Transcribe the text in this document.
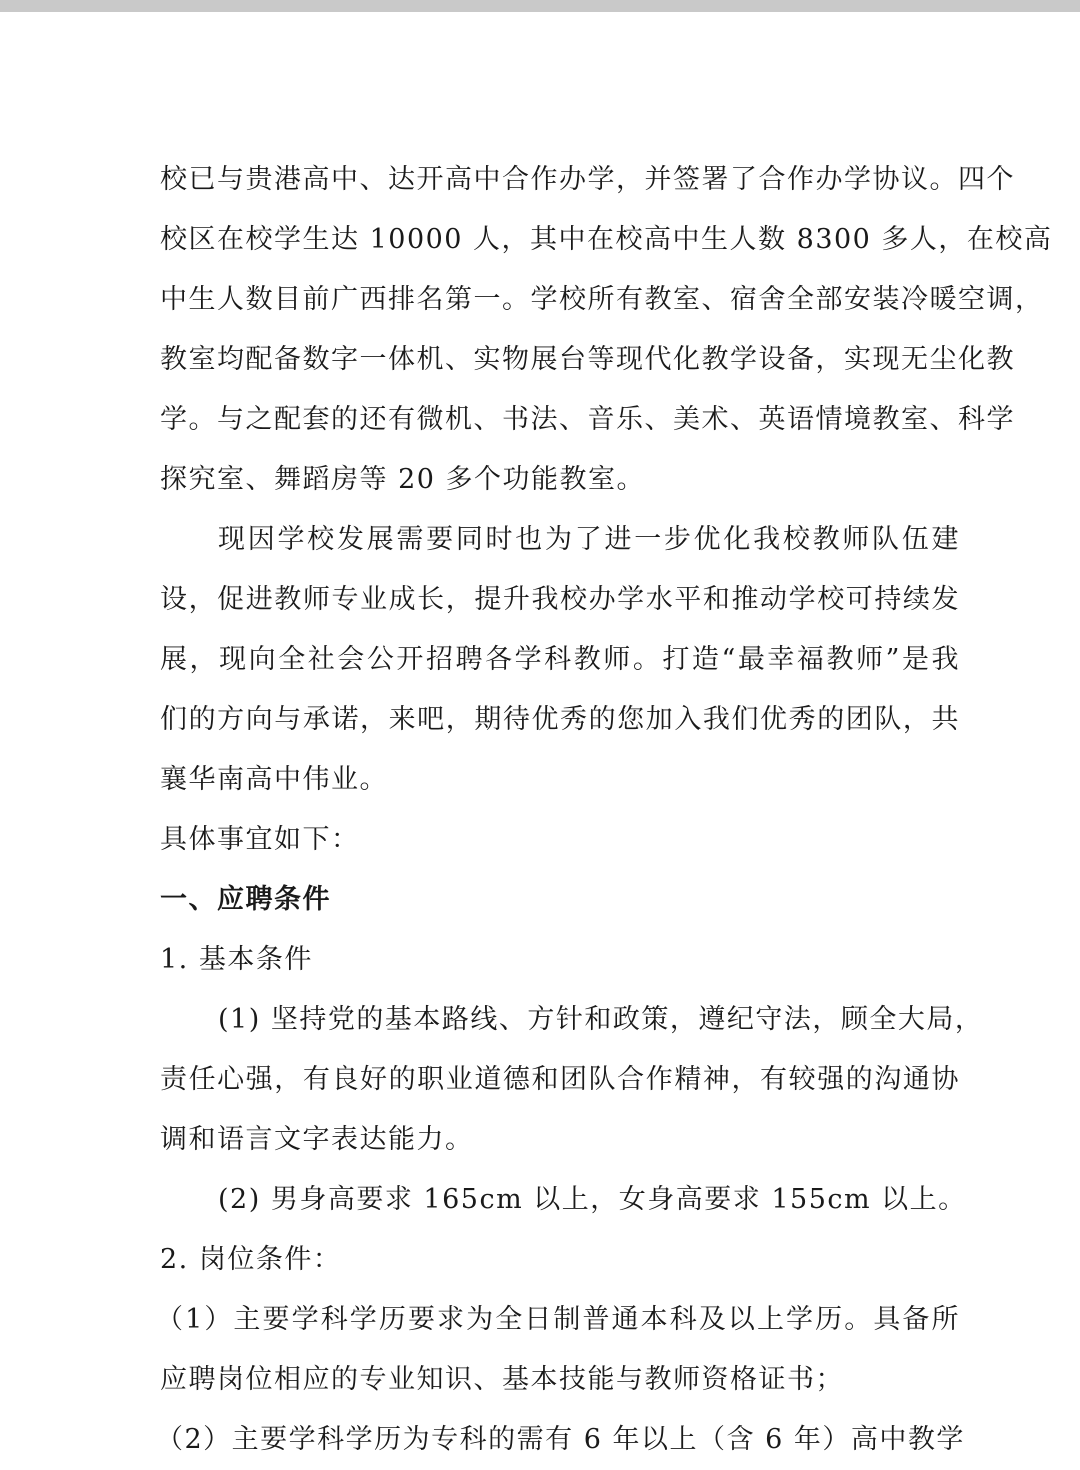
校已与贵港高中、达开高中合作办学，并签署了合作办学协议。四个
校区在校学生达 10000 人，其中在校高中生人数 8300 多人，在校高
中生人数目前广西排名第一。学校所有教室、宿舍全部安装冷暖空调，
教室均配备数字一体机、实物展台等现代化教学设备，实现无尘化教
学。与之配套的还有微机、书法、音乐、美术、英语情境教室、科学
探究室、舞蹈房等 20 多个功能教室。
现因学校发展需要同时也为了进一步优化我校教师队伍建
设，促进教师专业成长，提升我校办学水平和推动学校可持续发
展，现向全社会公开招聘各学科教师。打造“最幸福教师”是我
们的方向与承诺，来吧，期待优秀的您加入我们优秀的团队，共
襄华南高中伟业。
具体事宜如下：
一、应聘条件
1. 基本条件
(1) 坚持党的基本路线、方针和政策，遵纪守法，顾全大局，
责任心强，有良好的职业道德和团队合作精神，有较强的沟通协
调和语言文字表达能力。
(2) 男身高要求 165cm 以上，女身高要求 155cm 以上。
2. 岗位条件：
（1）主要学科学历要求为全日制普通本科及以上学历。具备所
应聘岗位相应的专业知识、基本技能与教师资格证书；
（2）主要学科学历为专科的需有 6 年以上（含 6 年）高中教学
